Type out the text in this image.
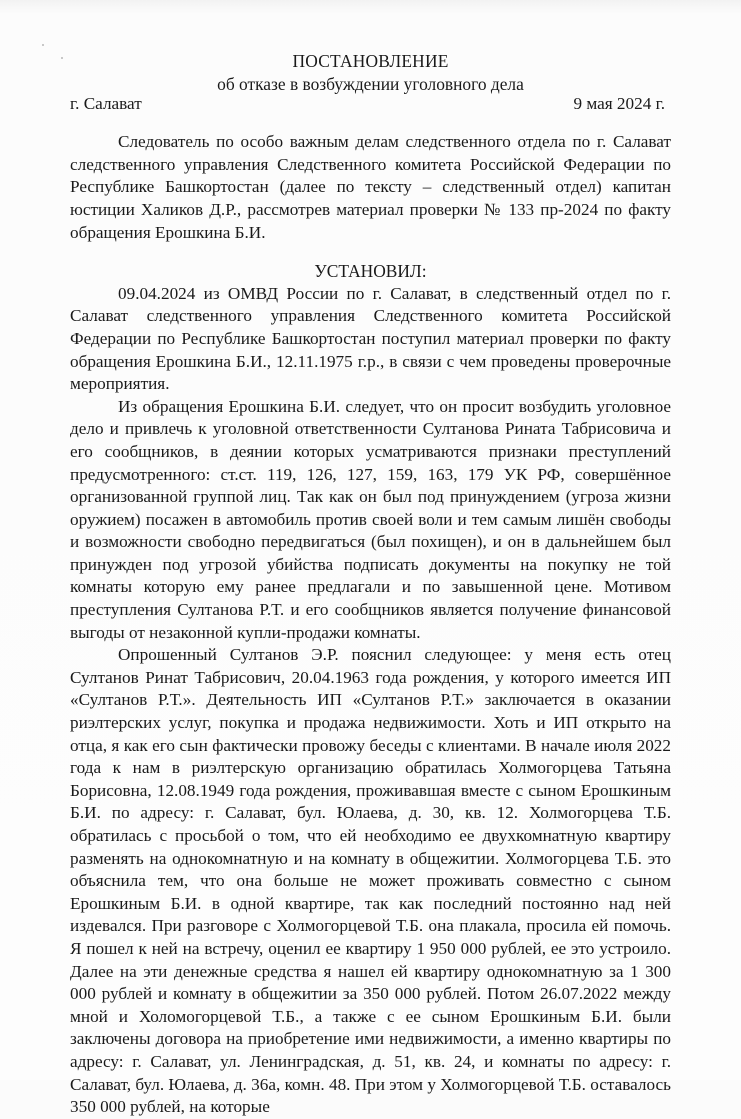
ПОСТАНОВЛЕНИЕ
об отказе в возбуждении уголовного дела
г. Салават	9 мая 2024 г.

Следователь по особо важным делам следственного отдела по г. Салават следственного управления Следственного комитета Российской Федерации по Республике Башкортостан (далее по тексту – следственный отдел) капитан юстиции Халиков Д.Р., рассмотрев материал проверки № 133 пр-2024 по факту обращения Ерошкина Б.И.

УСТАНОВИЛ:

09.04.2024 из ОМВД России по г. Салават, в следственный отдел по г. Салават следственного управления Следственного комитета Российской Федерации по Республике Башкортостан поступил материал проверки по факту обращения Ерошкина Б.И., 12.11.1975 г.р., в связи с чем проведены проверочные мероприятия.

Из обращения Ерошкина Б.И. следует, что он просит возбудить уголовное дело и привлечь к уголовной ответственности Султанова Рината Табрисовича и его сообщников, в деянии которых усматриваются признаки преступлений предусмотренного: ст.ст. 119, 126, 127, 159, 163, 179 УК РФ, совершённое организованной группой лиц. Так как он был под принуждением (угроза жизни оружием) посажен в автомобиль против своей воли и тем самым лишён свободы и возможности свободно передвигаться (был похищен), и он в дальнейшем был принужден под угрозой убийства подписать документы на покупку не той комнаты которую ему ранее предлагали и по завышенной цене. Мотивом преступления Султанова Р.Т. и его сообщников является получение финансовой выгоды от незаконной купли-продажи комнаты.

Опрошенный Султанов Э.Р. пояснил следующее: у меня есть отец Султанов Ринат Табрисович, 20.04.1963 года рождения, у которого имеется ИП «Султанов Р.Т.». Деятельность ИП «Султанов Р.Т.» заключается в оказании риэлтерских услуг, покупка и продажа недвижимости. Хоть и ИП открыто на отца, я как его сын фактически провожу беседы с клиентами. В начале июля 2022 года к нам в риэлтерскую организацию обратилась Холмогорцева Татьяна Борисовна, 12.08.1949 года рождения, проживавшая вместе с сыном Ерошкиным Б.И. по адресу: г. Салават, бул. Юлаева, д. 30, кв. 12. Холмогорцева Т.Б. обратилась с просьбой о том, что ей необходимо ее двухкомнатную квартиру разменять на однокомнатную и на комнату в общежитии. Холмогорцева Т.Б. это объяснила тем, что она больше не может проживать совместно с сыном Ерошкиным Б.И. в одной квартире, так как последний постоянно над ней издевался. При разговоре с Холмогорцевой Т.Б. она плакала, просила ей помочь. Я пошел к ней на встречу, оценил ее квартиру 1 950 000 рублей, ее это устроило. Далее на эти денежные средства я нашел ей квартиру однокомнатную за 1 300 000 рублей и комнату в общежитии за 350 000 рублей. Потом 26.07.2022 между мной и Холомогорцевой Т.Б., а также с ее сыном Ерошкиным Б.И. были заключены договора на приобретение ими недвижимости, а именно квартиры по адресу: г. Салават, ул. Ленинградская, д. 51, кв. 24, и комнаты по адресу: г. Салават, бул. Юлаева, д. 36а, комн. 48. При этом у Холмогорцевой Т.Б. оставалось 350 000 рублей, на которые
